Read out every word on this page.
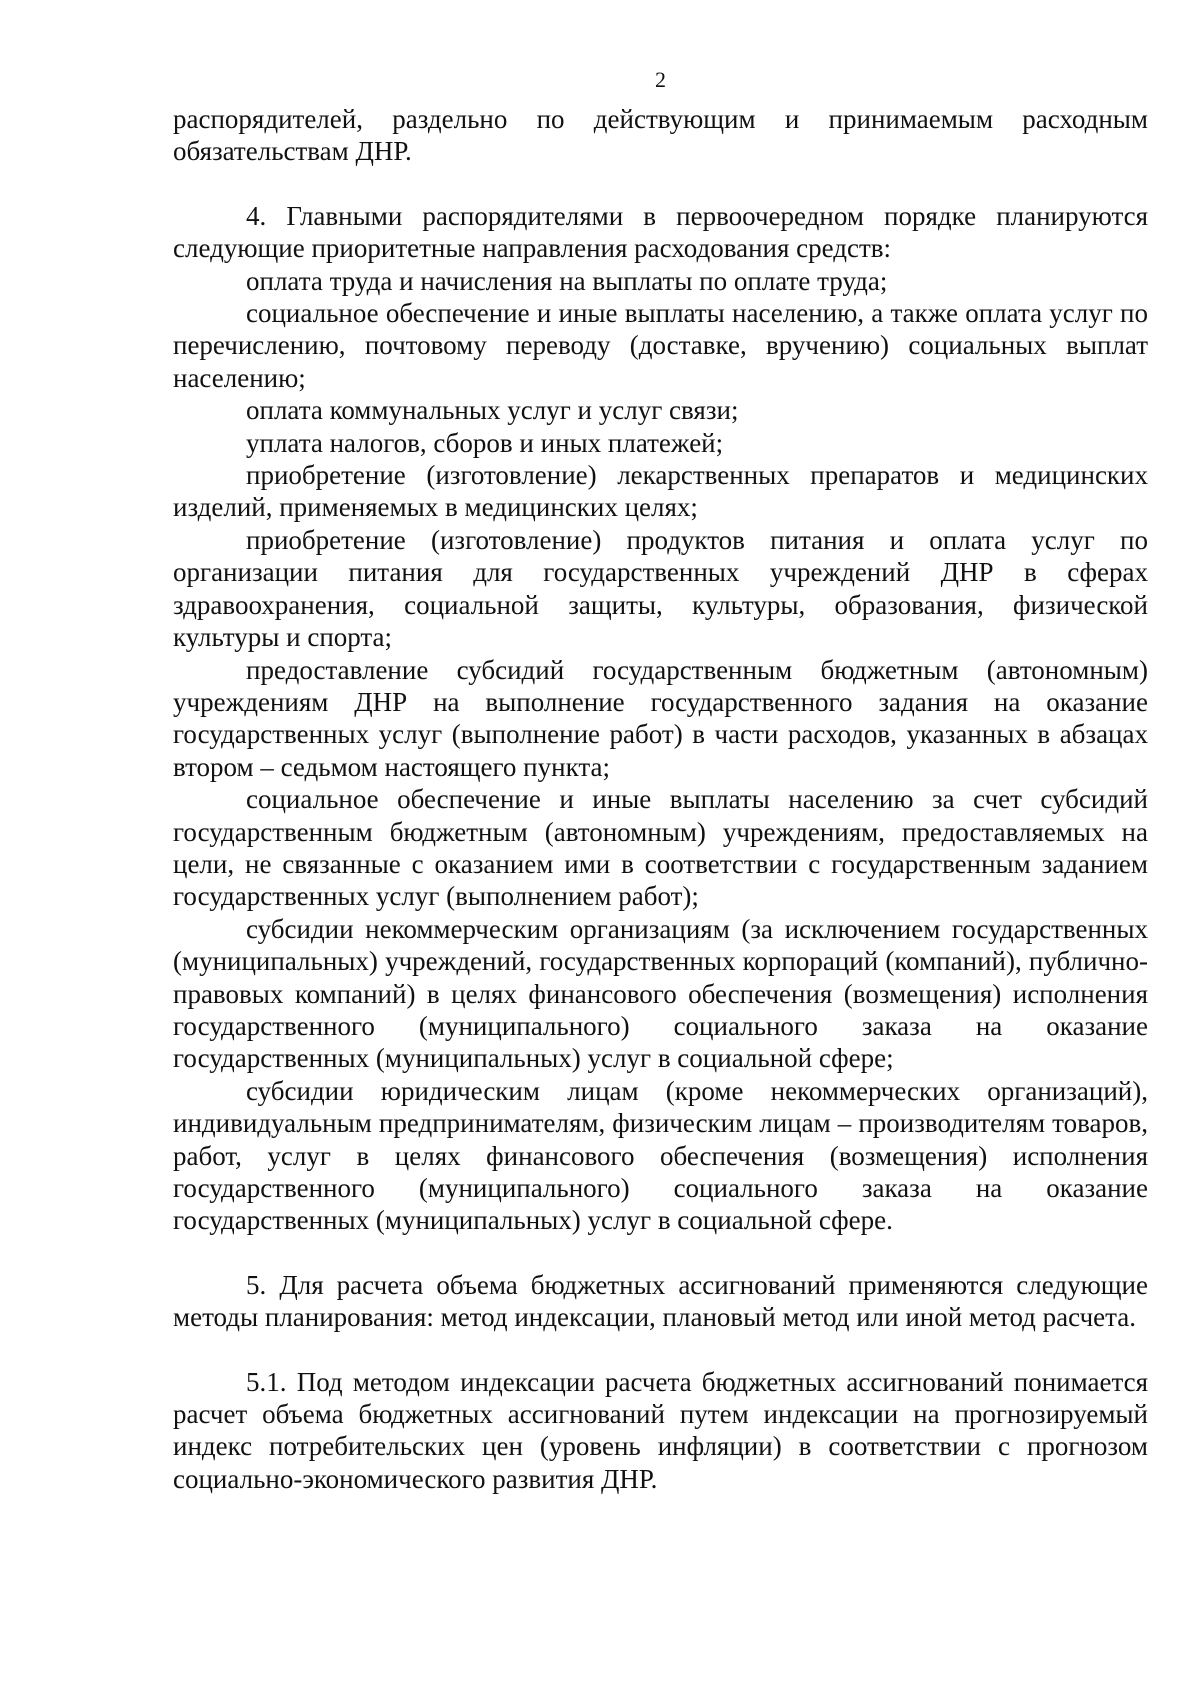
2

распорядителей, раздельно по действующим и принимаемым расходным обязательствам ДНР.

4. Главными распорядителями в первоочередном порядке планируются следующие приоритетные направления расходования средств:

оплата труда и начисления на выплаты по оплате труда;

социальное обеспечение и иные выплаты населению, а также оплата услуг по перечислению, почтовому переводу (доставке, вручению) социальных выплат населению;

оплата коммунальных услуг и услуг связи;

уплата налогов, сборов и иных платежей;

приобретение (изготовление) лекарственных препаратов и медицинских изделий, применяемых в медицинских целях;

приобретение (изготовление) продуктов питания и оплата услуг по организации питания для государственных учреждений ДНР в сферах здравоохранения, социальной защиты, культуры, образования, физической культуры и спорта;

предоставление субсидий государственным бюджетным (автономным) учреждениям ДНР на выполнение государственного задания на оказание государственных услуг (выполнение работ) в части расходов, указанных в абзацах втором – седьмом настоящего пункта;

социальное обеспечение и иные выплаты населению за счет субсидий государственным бюджетным (автономным) учреждениям, предоставляемых на цели, не связанные с оказанием ими в соответствии с государственным заданием государственных услуг (выполнением работ);

субсидии некоммерческим организациям (за исключением государственных (муниципальных) учреждений, государственных корпораций (компаний), публично-правовых компаний) в целях финансового обеспечения (возмещения) исполнения государственного (муниципального) социального заказа на оказание государственных (муниципальных) услуг в социальной сфере;

субсидии юридическим лицам (кроме некоммерческих организаций), индивидуальным предпринимателям, физическим лицам – производителям товаров, работ, услуг в целях финансового обеспечения (возмещения) исполнения государственного (муниципального) социального заказа на оказание государственных (муниципальных) услуг в социальной сфере.

5. Для расчета объема бюджетных ассигнований применяются следующие методы планирования: метод индексации, плановый метод или иной метод расчета.

5.1. Под методом индексации расчета бюджетных ассигнований понимается расчет объема бюджетных ассигнований путем индексации на прогнозируемый индекс потребительских цен (уровень инфляции) в соответствии с прогнозом социально-экономического развития ДНР.
